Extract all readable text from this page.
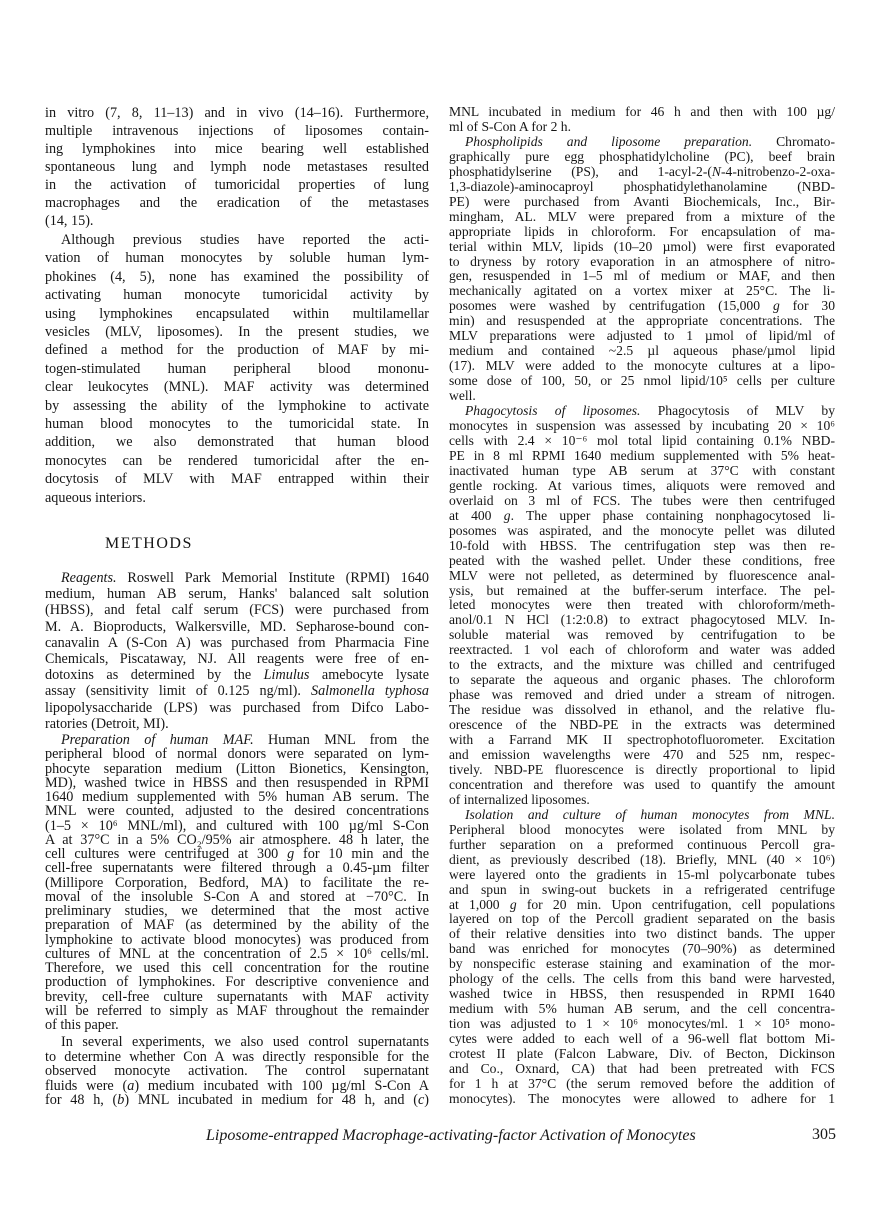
in vitro (7, 8, 11–13) and in vivo (14–16). Furthermore,
multiple intravenous injections of liposomes contain-
ing lymphokines into mice bearing well established
spontaneous lung and lymph node metastases resulted
in the activation of tumoricidal properties of lung
macrophages and the eradication of the metastases
(14, 15).
Although previous studies have reported the acti-
vation of human monocytes by soluble human lym-
phokines (4, 5), none has examined the possibility of
activating human monocyte tumoricidal activity by
using lymphokines encapsulated within multilamellar
vesicles (MLV, liposomes). In the present studies, we
defined a method for the production of MAF by mi-
togen-stimulated human peripheral blood mononu-
clear leukocytes (MNL). MAF activity was determined
by assessing the ability of the lymphokine to activate
human blood monocytes to the tumoricidal state. In
addition, we also demonstrated that human blood
monocytes can be rendered tumoricidal after the en-
docytosis of MLV with MAF entrapped within their
aqueous interiors.
Reagents. Roswell Park Memorial Institute (RPMI) 1640
medium, human AB serum, Hanks' balanced salt solution
(HBSS), and fetal calf serum (FCS) were purchased from
M. A. Bioproducts, Walkersville, MD. Sepharose-bound con-
canavalin A (S-Con A) was purchased from Pharmacia Fine
Chemicals, Piscataway, NJ. All reagents were free of en-
dotoxins as determined by the Limulus amebocyte lysate
assay (sensitivity limit of 0.125 ng/ml). Salmonella typhosa
lipopolysaccharide (LPS) was purchased from Difco Labo-
ratories (Detroit, MI).
Preparation of human MAF. Human MNL from the
peripheral blood of normal donors were separated on lym-
phocyte separation medium (Litton Bionetics, Kensington,
MD), washed twice in HBSS and then resuspended in RPMI
1640 medium supplemented with 5% human AB serum. The
MNL were counted, adjusted to the desired concentrations
(1–5 × 10⁶ MNL/ml), and cultured with 100 µg/ml S-Con
A at 37°C in a 5% CO₂/95% air atmosphere. 48 h later, the
cell cultures were centrifuged at 300 g for 10 min and the
cell-free supernatants were filtered through a 0.45-µm filter
(Millipore Corporation, Bedford, MA) to facilitate the re-
moval of the insoluble S-Con A and stored at −70°C. In
preliminary studies, we determined that the most active
preparation of MAF (as determined by the ability of the
lymphokine to activate blood monocytes) was produced from
cultures of MNL at the concentration of 2.5 × 10⁶ cells/ml.
Therefore, we used this cell concentration for the routine
production of lymphokines. For descriptive convenience and
brevity, cell-free culture supernatants with MAF activity
will be referred to simply as MAF throughout the remainder
of this paper.
In several experiments, we also used control supernatants
to determine whether Con A was directly responsible for the
observed monocyte activation. The control supernatant
fluids were (a) medium incubated with 100 µg/ml S-Con A
for 48 h, (b) MNL incubated in medium for 48 h, and (c)
METHODS
MNL incubated in medium for 46 h and then with 100 µg/
ml of S-Con A for 2 h.
Phospholipids and liposome preparation. Chromato-
graphically pure egg phosphatidylcholine (PC), beef brain
phosphatidylserine (PS), and 1-acyl-2-(N-4-nitrobenzo-2-oxa-
1,3-diazole)-aminocaproyl phosphatidylethanolamine (NBD-
PE) were purchased from Avanti Biochemicals, Inc., Bir-
mingham, AL. MLV were prepared from a mixture of the
appropriate lipids in chloroform. For encapsulation of ma-
terial within MLV, lipids (10–20 µmol) were first evaporated
to dryness by rotory evaporation in an atmosphere of nitro-
gen, resuspended in 1–5 ml of medium or MAF, and then
mechanically agitated on a vortex mixer at 25°C. The li-
posomes were washed by centrifugation (15,000 g for 30
min) and resuspended at the appropriate concentrations. The
MLV preparations were adjusted to 1 µmol of lipid/ml of
medium and contained ~2.5 µl aqueous phase/µmol lipid
(17). MLV were added to the monocyte cultures at a lipo-
some dose of 100, 50, or 25 nmol lipid/10⁵ cells per culture
well.
Phagocytosis of liposomes. Phagocytosis of MLV by
monocytes in suspension was assessed by incubating 20 × 10⁶
cells with 2.4 × 10⁻⁶ mol total lipid containing 0.1% NBD-
PE in 8 ml RPMI 1640 medium supplemented with 5% heat-
inactivated human type AB serum at 37°C with constant
gentle rocking. At various times, aliquots were removed and
overlaid on 3 ml of FCS. The tubes were then centrifuged
at 400 g. The upper phase containing nonphagocytosed li-
posomes was aspirated, and the monocyte pellet was diluted
10-fold with HBSS. The centrifugation step was then re-
peated with the washed pellet. Under these conditions, free
MLV were not pelleted, as determined by fluorescence anal-
ysis, but remained at the buffer-serum interface. The pel-
leted monocytes were then treated with chloroform/meth-
anol/0.1 N HCl (1:2:0.8) to extract phagocytosed MLV. In-
soluble material was removed by centrifugation to be
reextracted. 1 vol each of chloroform and water was added
to the extracts, and the mixture was chilled and centrifuged
to separate the aqueous and organic phases. The chloroform
phase was removed and dried under a stream of nitrogen.
The residue was dissolved in ethanol, and the relative flu-
orescence of the NBD-PE in the extracts was determined
with a Farrand MK II spectrophotofluorometer. Excitation
and emission wavelengths were 470 and 525 nm, respec-
tively. NBD-PE fluorescence is directly proportional to lipid
concentration and therefore was used to quantify the amount
of internalized liposomes.
Isolation and culture of human monocytes from MNL.
Peripheral blood monocytes were isolated from MNL by
further separation on a preformed continuous Percoll gra-
dient, as previously described (18). Briefly, MNL (40 × 10⁶)
were layered onto the gradients in 15-ml polycarbonate tubes
and spun in swing-out buckets in a refrigerated centrifuge
at 1,000 g for 20 min. Upon centrifugation, cell populations
layered on top of the Percoll gradient separated on the basis
of their relative densities into two distinct bands. The upper
band was enriched for monocytes (70–90%) as determined
by nonspecific esterase staining and examination of the mor-
phology of the cells. The cells from this band were harvested,
washed twice in HBSS, then resuspended in RPMI 1640
medium with 5% human AB serum, and the cell concentra-
tion was adjusted to 1 × 10⁶ monocytes/ml. 1 × 10⁵ mono-
cytes were added to each well of a 96-well flat bottom Mi-
crotest II plate (Falcon Labware, Div. of Becton, Dickinson
and Co., Oxnard, CA) that had been pretreated with FCS
for 1 h at 37°C (the serum removed before the addition of
monocytes). The monocytes were allowed to adhere for 1
Liposome-entrapped Macrophage-activating-factor Activation of Monocytes	305
